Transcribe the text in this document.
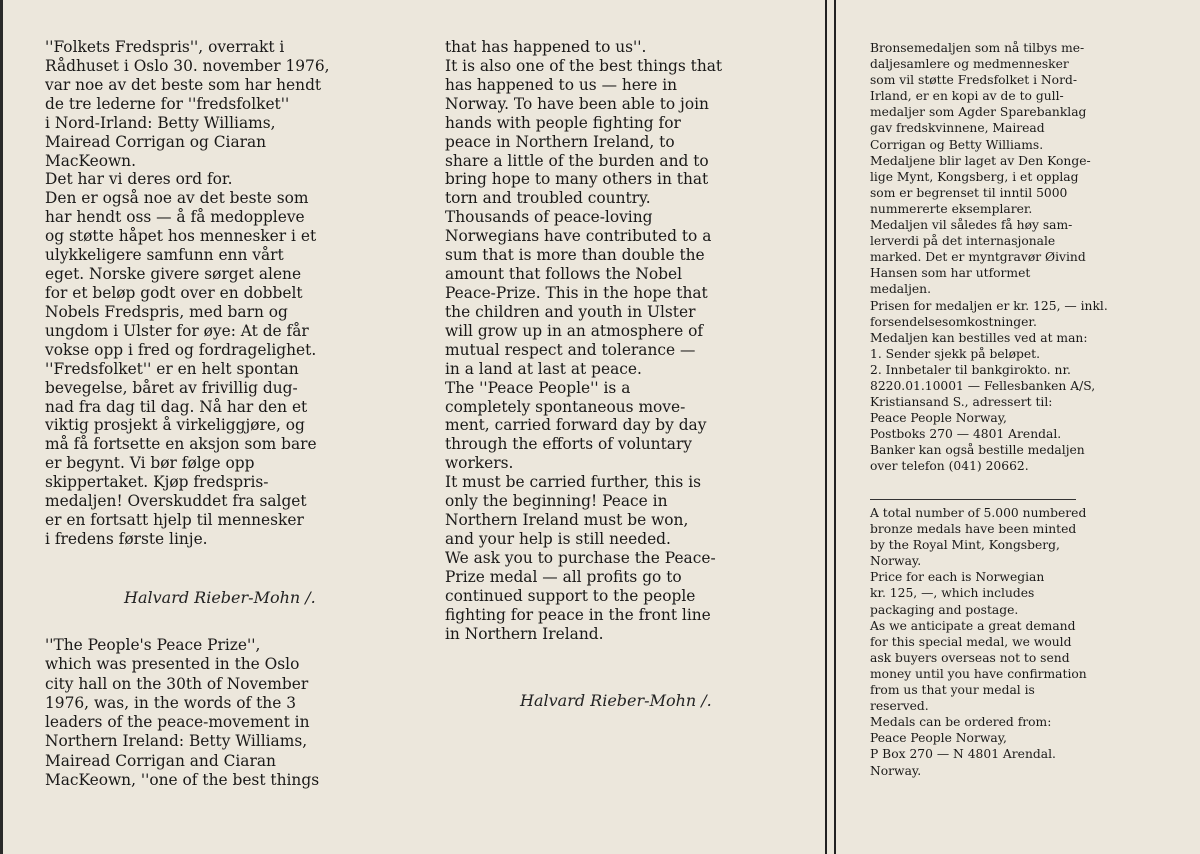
''Folkets Fredspris'', overrakt i
Rådhuset i Oslo 30. november 1976,
var noe av det beste som har hendt
de tre lederne for ''fredsfolket''
i Nord-Irland: Betty Williams,
Mairead Corrigan og Ciaran
MacKeown.
Det har vi deres ord for.
Den er også noe av det beste som
har hendt oss — å få medoppleve
og støtte håpet hos mennesker i et
ulykkeligere samfunn enn vårt
eget. Norske givere sørget alene
for et beløp godt over en dobbelt
Nobels Fredspris, med barn og
ungdom i Ulster for øye: At de får
vokse opp i fred og fordragelighet.
''Fredsfolket'' er en helt spontan
bevegelse, båret av frivillig dug-
nad fra dag til dag. Nå har den et
viktig prosjekt å virkeliggjøre, og
må få fortsette en aksjon som bare
er begynt. Vi bør følge opp
skippertaket. Kjøp fredspris-
medaljen! Overskuddet fra salget
er en fortsatt hjelp til mennesker
i fredens første linje.
Halvard Rieber-Mohn /.
''The People's Peace Prize'',
which was presented in the Oslo
city hall on the 30th of November
1976, was, in the words of the 3
leaders of the peace-movement in
Northern Ireland: Betty Williams,
Mairead Corrigan and Ciaran
MacKeown, ''one of the best things
that has happened to us''.
It is also one of the best things that
has happened to us — here in
Norway. To have been able to join
hands with people fighting for
peace in Northern Ireland, to
share a little of the burden and to
bring hope to many others in that
torn and troubled country.
Thousands of peace-loving
Norwegians have contributed to a
sum that is more than double the
amount that follows the Nobel
Peace-Prize. This in the hope that
the children and youth in Ulster
will grow up in an atmosphere of
mutual respect and tolerance —
in a land at last at peace.
The ''Peace People'' is a
completely spontaneous move-
ment, carried forward day by day
through the efforts of voluntary
workers.
It must be carried further, this is
only the beginning! Peace in
Northern Ireland must be won,
and your help is still needed.
We ask you to purchase the Peace-
Prize medal — all profits go to
continued support to the people
fighting for peace in the front line
in Northern Ireland.
Halvard Rieber-Mohn /.
Bronsemedaljen som nå tilbys me-
daljesamlere og medmennesker
som vil støtte Fredsfolket i Nord-
Irland, er en kopi av de to gull-
medaljer som Agder Sparebanklag
gav fredskvinnene, Mairead
Corrigan og Betty Williams.
Medaljene blir laget av Den Konge-
lige Mynt, Kongsberg, i et opplag
som er begrenset til inntil 5000
nummererte eksemplarer.
Medaljen vil således få høy sam-
lerverdi på det internasjonale
marked. Det er myntgravør Øivind
Hansen som har utformet
medaljen.
Prisen for medaljen er kr. 125, — inkl.
forsendelsesomkostninger.
Medaljen kan bestilles ved at man:
1. Sender sjekk på beløpet.
2. Innbetaler til bankgirokto. nr.
8220.01.10001 — Fellesbanken A/S,
Kristiansand S., adressert til:
Peace People Norway,
Postboks 270 — 4801 Arendal.
Banker kan også bestille medaljen
over telefon (041) 20662.
A total number of 5.000 numbered
bronze medals have been minted
by the Royal Mint, Kongsberg,
Norway.
Price for each is Norwegian
kr. 125, —, which includes
packaging and postage.
As we anticipate a great demand
for this special medal, we would
ask buyers overseas not to send
money until you have confirmation
from us that your medal is
reserved.
Medals can be ordered from:
Peace People Norway,
P Box 270 — N 4801 Arendal.
Norway.
